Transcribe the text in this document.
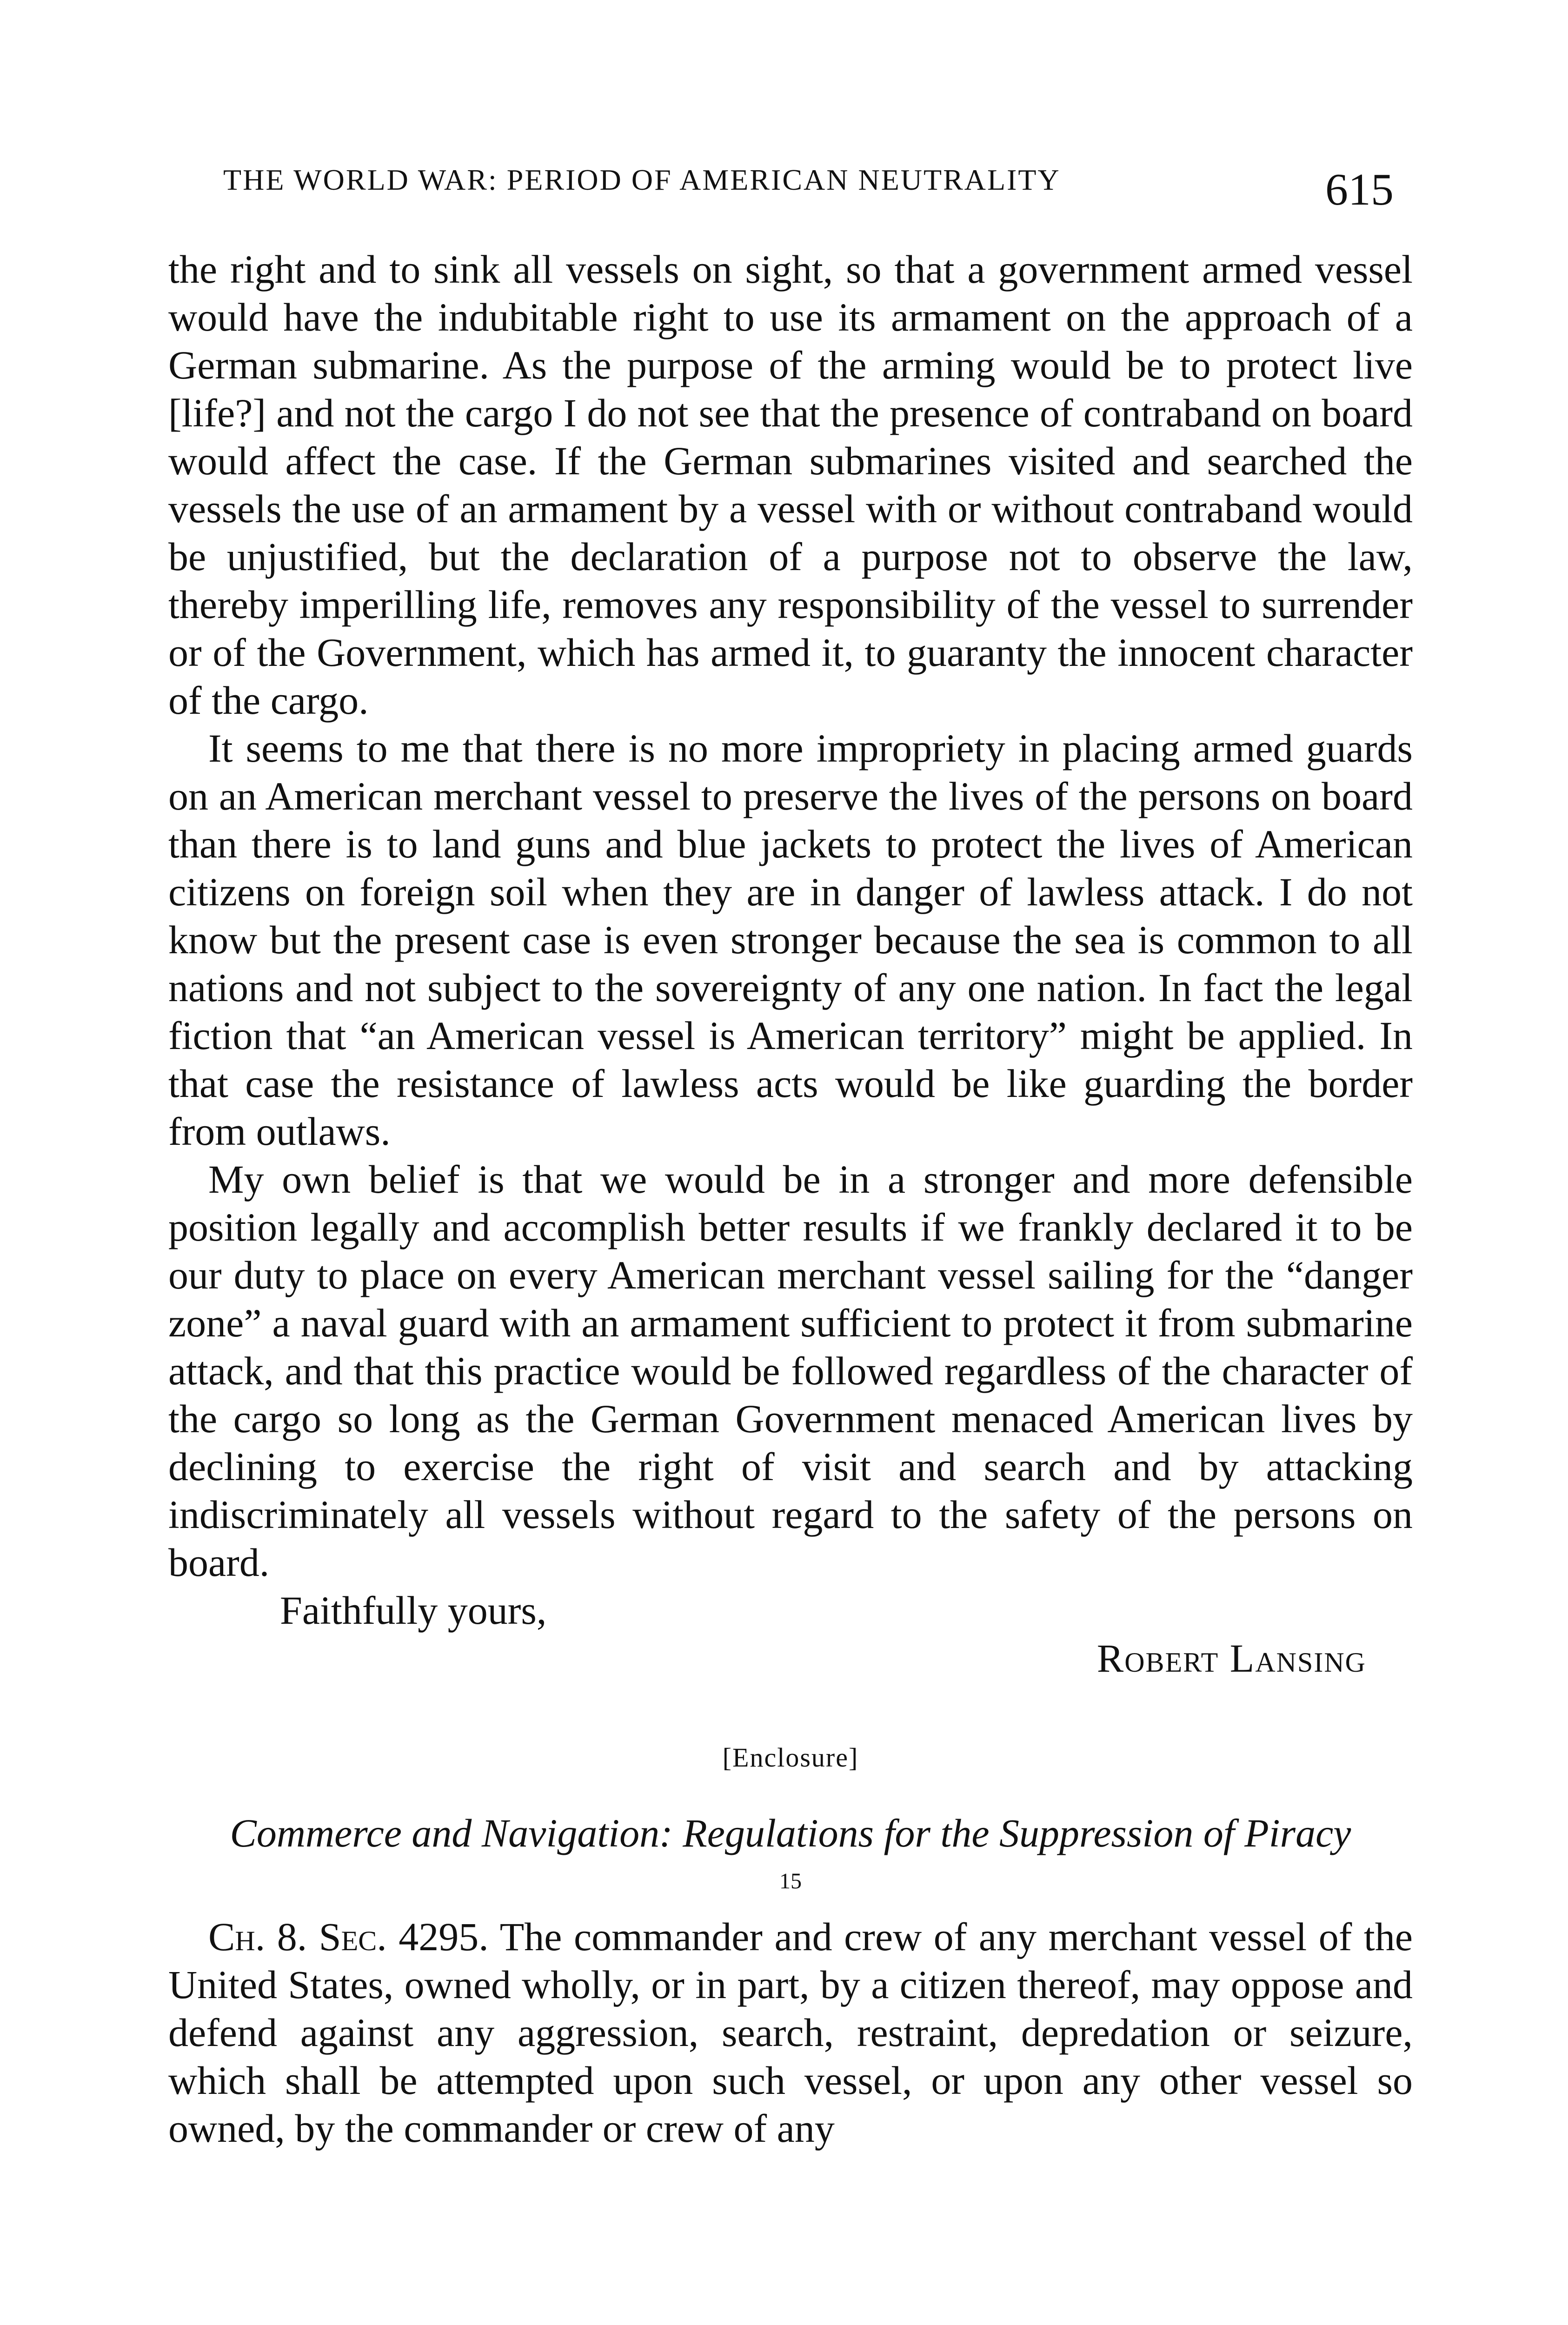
THE WORLD WAR: PERIOD OF AMERICAN NEUTRALITY	615

the right and to sink all vessels on sight, so that a government armed vessel would have the indubitable right to use its armament on the approach of a German submarine. As the purpose of the arming would be to protect live [life?] and not the cargo I do not see that the presence of contraband on board would affect the case. If the German submarines visited and searched the vessels the use of an armament by a vessel with or without contraband would be unjustified, but the declaration of a purpose not to observe the law, thereby imperilling life, removes any responsibility of the vessel to surrender or of the Government, which has armed it, to guaranty the innocent character of the cargo.

It seems to me that there is no more impropriety in placing armed guards on an American merchant vessel to preserve the lives of the persons on board than there is to land guns and blue jackets to protect the lives of American citizens on foreign soil when they are in danger of lawless attack. I do not know but the present case is even stronger because the sea is common to all nations and not subject to the sovereignty of any one nation. In fact the legal fiction that “an American vessel is American territory” might be applied. In that case the resistance of lawless acts would be like guarding the border from outlaws.

My own belief is that we would be in a stronger and more defensible position legally and accomplish better results if we frankly declared it to be our duty to place on every American merchant vessel sailing for the “danger zone” a naval guard with an armament sufficient to protect it from submarine attack, and that this practice would be followed regardless of the character of the cargo so long as the German Government menaced American lives by declining to exercise the right of visit and search and by attacking indiscriminately all vessels without regard to the safety of the persons on board.

Faithfully yours,

Robert Lansing

[Enclosure]
Commerce and Navigation: Regulations for the Suppression of Piracy $^{15}$

Ch. 8. Sec. 4295. The commander and crew of any merchant vessel of the United States, owned wholly, or in part, by a citizen thereof, may oppose and defend against any aggression, search, restraint, depredation or seizure, which shall be attempted upon such vessel, or upon any other vessel so owned, by the commander or crew of any
